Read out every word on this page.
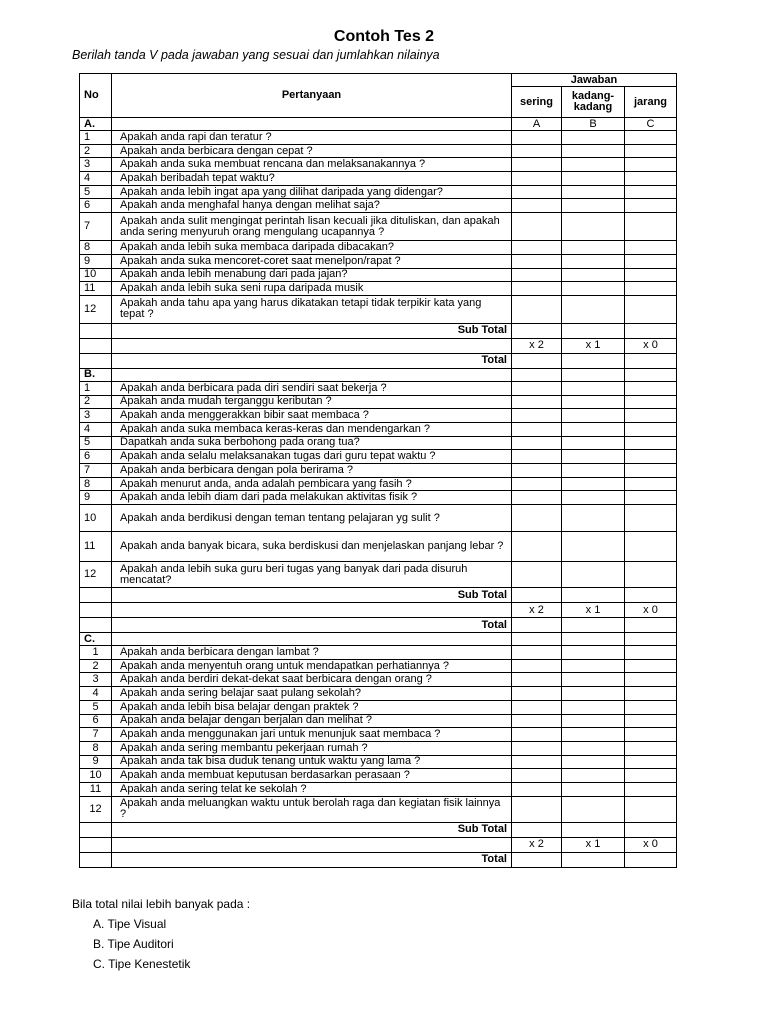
Contoh Tes 2
Berilah tanda V pada jawaban yang sesuai dan jumlahkan nilainya
No	Pertanyaan	Jawaban		
		sering	kadang-kadang	jarang

A.		A	B	C
1	Apakah anda rapi dan teratur ?			
2	Apakah anda berbicara dengan cepat ?			
3	Apakah anda suka membuat rencana dan melaksanakannya ?			
4	Apakah beribadah tepat waktu?			
5	Apakah anda lebih ingat apa yang dilihat daripada yang didengar?			
6	Apakah anda menghafal hanya dengan melihat saja?			
7	Apakah anda sulit mengingat perintah lisan kecuali jika dituliskan, dan apakah anda sering menyuruh orang mengulang ucapannya ?			
8	Apakah anda lebih suka membaca daripada dibacakan?			
9	Apakah anda suka mencoret-coret saat menelpon/rapat ?			
10	Apakah anda lebih menabung dari pada jajan?			
11	Apakah anda lebih suka seni rupa daripada musik			
12	Apakah anda tahu apa yang harus dikatakan tetapi tidak terpikir kata yang tepat ?			
	Sub Total			
		x 2	x 1	x 0
	Total			
B.				
1	Apakah anda berbicara pada diri sendiri saat bekerja ?			
2	Apakah anda mudah terganggu keributan ?			
3	Apakah anda menggerakkan bibir saat membaca ?			
4	Apakah anda suka membaca keras-keras dan mendengarkan ?			
5	Dapatkah anda suka berbohong pada orang tua?			
6	Apakah anda selalu melaksanakan tugas dari guru tepat waktu ?			
7	Apakah anda berbicara dengan pola berirama ?			
8	Apakah menurut anda, anda adalah pembicara yang fasih ?			
9	Apakah anda lebih diam dari pada melakukan aktivitas fisik ?			
10	Apakah anda berdikusi dengan teman tentang pelajaran yg sulit ?			
11	Apakah anda banyak bicara, suka berdiskusi dan menjelaskan panjang lebar ?			
12	Apakah anda lebih suka guru beri tugas yang banyak dari pada disuruh mencatat?			
	Sub Total			
		x 2	x 1	x 0
	Total			
C.				
1	Apakah anda berbicara dengan lambat ?			
2	Apakah anda menyentuh orang untuk mendapatkan perhatiannya ?			
3	Apakah anda berdiri dekat-dekat saat berbicara dengan orang ?			
4	Apakah anda sering belajar saat pulang sekolah?			
5	Apakah anda lebih bisa belajar dengan praktek ?			
6	Apakah anda belajar dengan berjalan dan melihat ?			
7	Apakah anda menggunakan jari untuk menunjuk saat membaca ?			
8	Apakah anda sering membantu pekerjaan rumah ?			
9	Apakah anda tak bisa duduk tenang untuk waktu yang lama ?			
10	Apakah anda membuat keputusan berdasarkan perasaan ?			
11	Apakah anda sering telat ke sekolah ?			
12	Apakah anda meluangkan waktu untuk berolah raga dan kegiatan fisik lainnya ?			
	Sub Total			
		x 2	x 1	x 0
	Total			
Bila total nilai lebih banyak pada :
A. Tipe Visual
B. Tipe Auditori
C. Tipe Kenestetik
